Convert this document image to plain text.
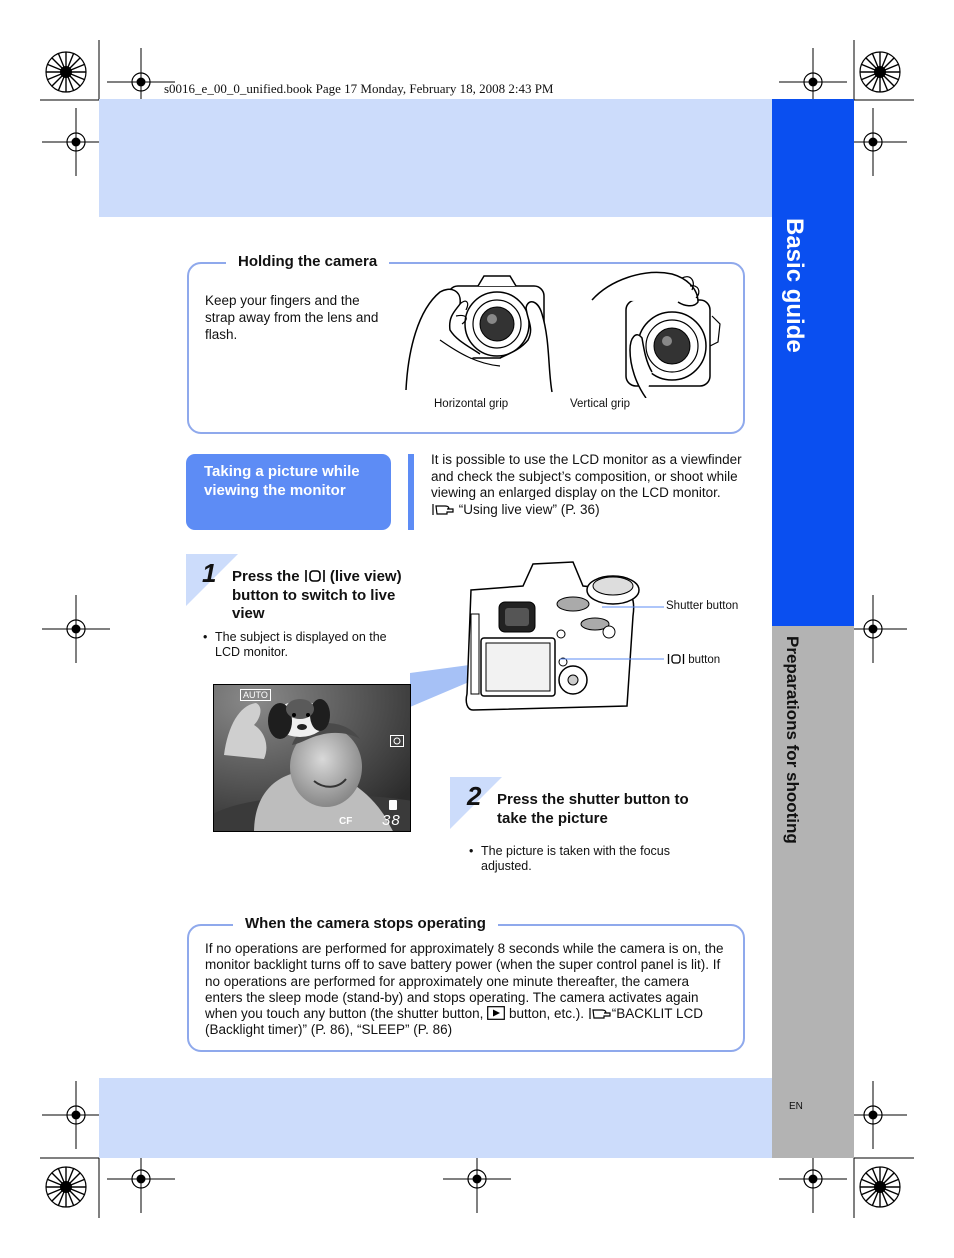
Basic guide
Preparations for shooting
EN
s0016_e_00_0_unified.book Page 17 Monday, February 18, 2008 2:43 PM
Holding the camera
Keep your fingers and the strap away from the lens and flash.
Horizontal grip	Vertical grip
Taking a picture while viewing the monitor
It is possible to use the LCD monitor as a viewfinder and check the subject’s composition, or shoot while viewing an enlarged display on the LCD monitor.  “Using live view” (P. 36)
1 Press the  (live view) button to switch to live view
• The subject is displayed on the LCD monitor.
AUTO
CF 38
Shutter button
button
2 Press the shutter button to take the picture
• The picture is taken with the focus adjusted.
When the camera stops operating
If no operations are performed for approximately 8 seconds while the camera is on, the monitor backlight turns off to save battery power (when the super control panel is lit). If no operations are performed for approximately one minute thereafter, the camera enters the sleep mode (stand-by) and stops operating. The camera activates again when you touch any button (the shutter button,  button, etc.). “BACKLIT LCD (Backlight timer)” (P. 86), “SLEEP” (P. 86)
